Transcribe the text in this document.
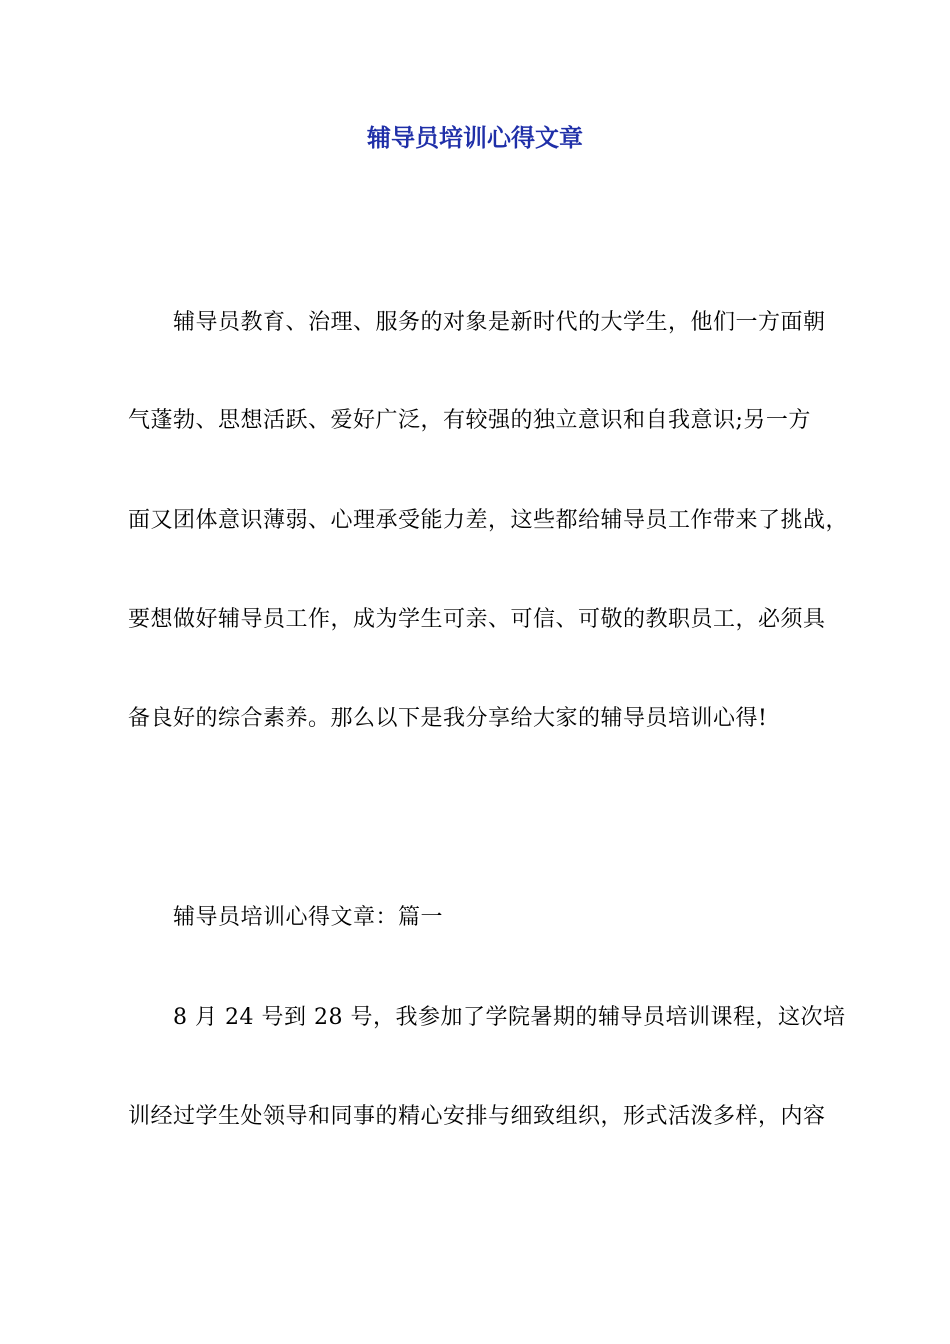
辅导员培训心得文章
辅导员教育、治理、服务的对象是新时代的大学生，他们一方面朝
气蓬勃、思想活跃、爱好广泛，有较强的独立意识和自我意识;另一方
面又团体意识薄弱、心理承受能力差，这些都给辅导员工作带来了挑战，
要想做好辅导员工作，成为学生可亲、可信、可敬的教职员工，必须具
备良好的综合素养。那么以下是我分享给大家的辅导员培训心得!
辅导员培训心得文章：篇一
8 月 24 号到 28 号，我参加了学院暑期的辅导员培训课程，这次培
训经过学生处领导和同事的精心安排与细致组织，形式活泼多样，内容
